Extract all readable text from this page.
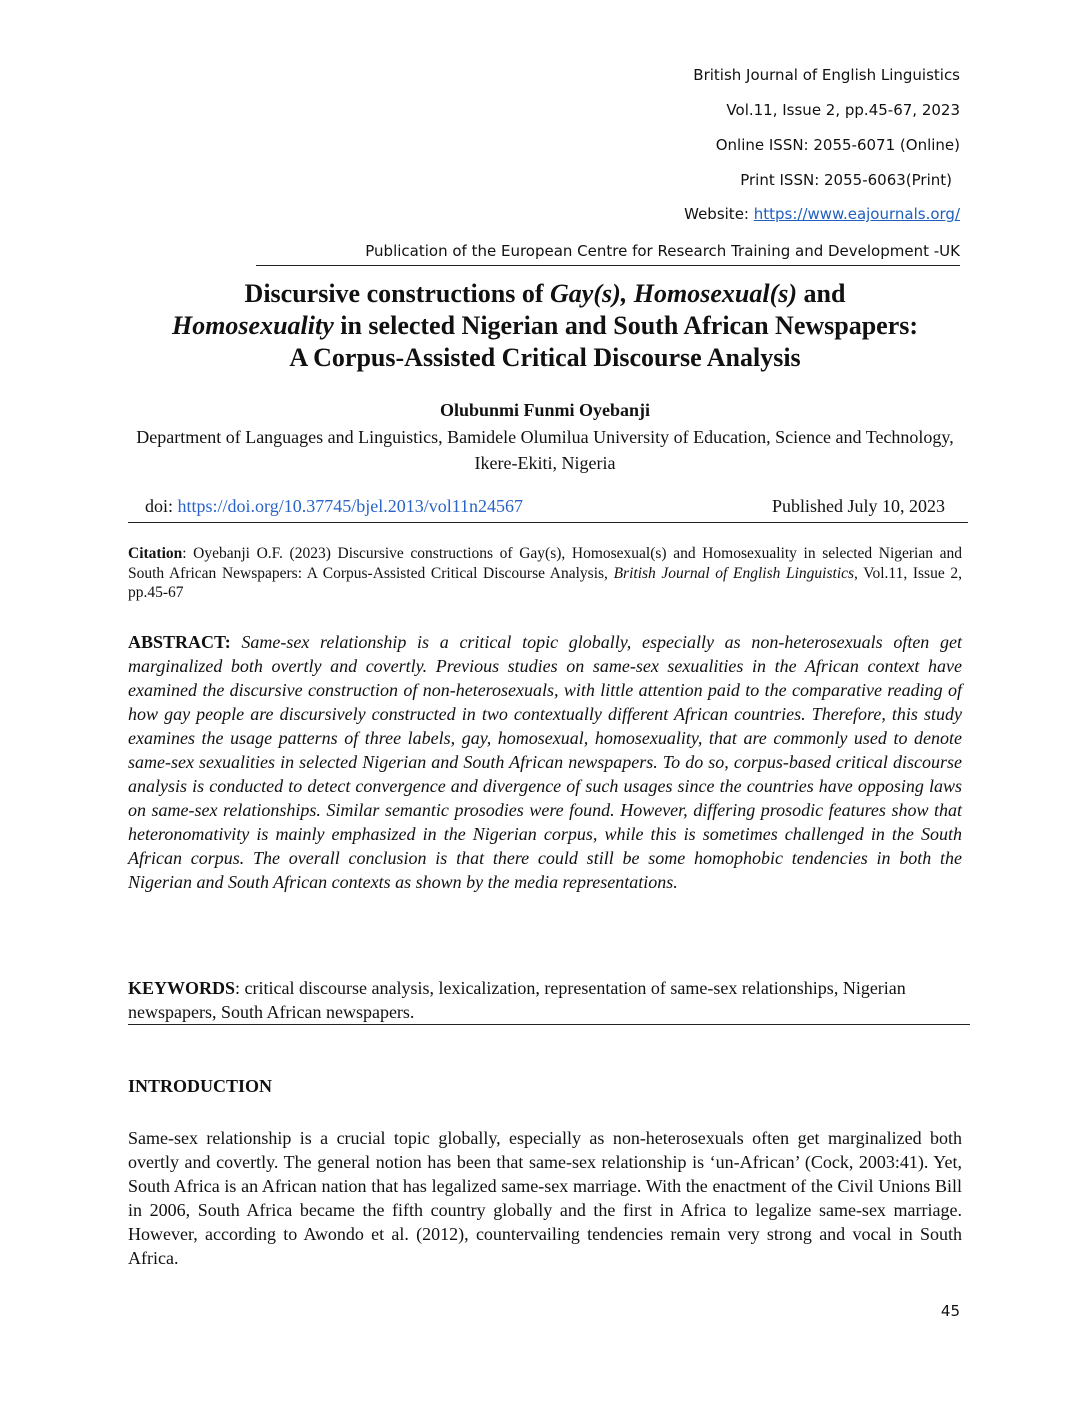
British Journal of English Linguistics
Vol.11, Issue 2, pp.45-67, 2023
Online ISSN: 2055-6071 (Online)
Print ISSN: 2055-6063(Print)
Website: https://www.eajournals.org/
Publication of the European Centre for Research Training and Development -UK
Discursive constructions of Gay(s), Homosexual(s) and
Homosexuality in selected Nigerian and South African Newspapers:
A Corpus-Assisted Critical Discourse Analysis
Olubunmi Funmi Oyebanji
Department of Languages and Linguistics, Bamidele Olumilua University of Education, Science and Technology, Ikere-Ekiti, Nigeria
doi: https://doi.org/10.37745/bjel.2013/vol11n24567	Published July 10, 2023
Citation: Oyebanji O.F. (2023) Discursive constructions of Gay(s), Homosexual(s) and Homosexuality in selected Nigerian and South African Newspapers: A Corpus-Assisted Critical Discourse Analysis, British Journal of English Linguistics, Vol.11, Issue 2, pp.45-67
ABSTRACT: Same-sex relationship is a critical topic globally, especially as non-heterosexuals often get marginalized both overtly and covertly. Previous studies on same-sex sexualities in the African context have examined the discursive construction of non-heterosexuals, with little attention paid to the comparative reading of how gay people are discursively constructed in two contextually different African countries. Therefore, this study examines the usage patterns of three labels, gay, homosexual, homosexuality, that are commonly used to denote same-sex sexualities in selected Nigerian and South African newspapers. To do so, corpus-based critical discourse analysis is conducted to detect convergence and divergence of such usages since the countries have opposing laws on same-sex relationships. Similar semantic prosodies were found. However, differing prosodic features show that heteronomativity is mainly emphasized in the Nigerian corpus, while this is sometimes challenged in the South African corpus. The overall conclusion is that there could still be some homophobic tendencies in both the Nigerian and South African contexts as shown by the media representations.
KEYWORDS: critical discourse analysis, lexicalization, representation of same-sex relationships, Nigerian newspapers, South African newspapers.
INTRODUCTION
Same-sex relationship is a crucial topic globally, especially as non-heterosexuals often get marginalized both overtly and covertly. The general notion has been that same-sex relationship is ‘un-African’ (Cock, 2003:41). Yet, South Africa is an African nation that has legalized same-sex marriage. With the enactment of the Civil Unions Bill in 2006, South Africa became the fifth country globally and the first in Africa to legalize same-sex marriage. However, according to Awondo et al. (2012), countervailing tendencies remain very strong and vocal in South Africa.
45
